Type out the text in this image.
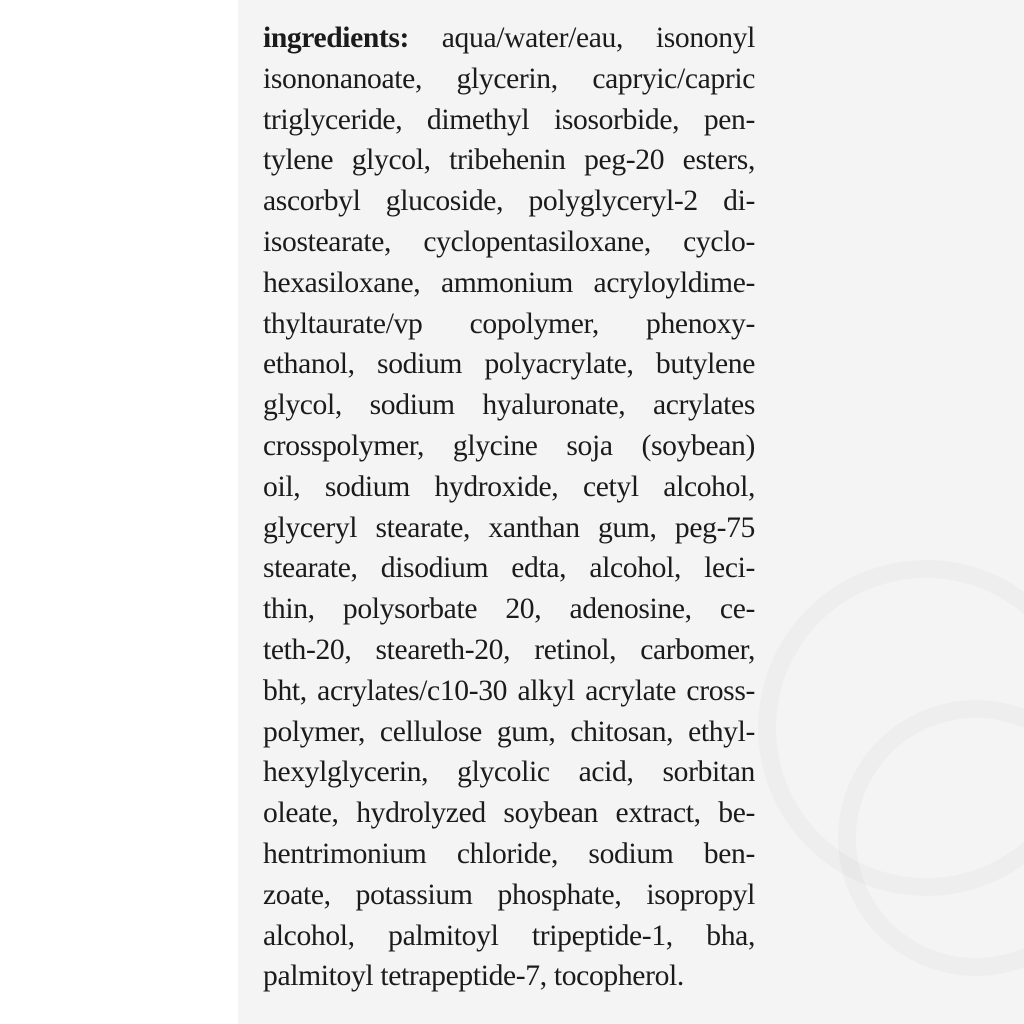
ingredients: aqua/water/eau, isononyl
isononanoate, glycerin, capryic/capric
triglyceride, dimethyl isosorbide, pen-
tylene glycol, tribehenin peg-20 esters,
ascorbyl glucoside, polyglyceryl-2 di-
isostearate, cyclopentasiloxane, cyclo-
hexasiloxane, ammonium acryloyldime-
thyltaurate/vp copolymer, phenoxy-
ethanol, sodium polyacrylate, butylene
glycol, sodium hyaluronate, acrylates
crosspolymer, glycine soja (soybean)
oil, sodium hydroxide, cetyl alcohol,
glyceryl stearate, xanthan gum, peg-75
stearate, disodium edta, alcohol, leci-
thin, polysorbate 20, adenosine, ce-
teth-20, steareth-20, retinol, carbomer,
bht, acrylates/c10-30 alkyl acrylate cross-
polymer, cellulose gum, chitosan, ethyl-
hexylglycerin, glycolic acid, sorbitan
oleate, hydrolyzed soybean extract, be-
hentrimonium chloride, sodium ben-
zoate, potassium phosphate, isopropyl
alcohol, palmitoyl tripeptide-1, bha,
palmitoyl tetrapeptide-7, tocopherol.
